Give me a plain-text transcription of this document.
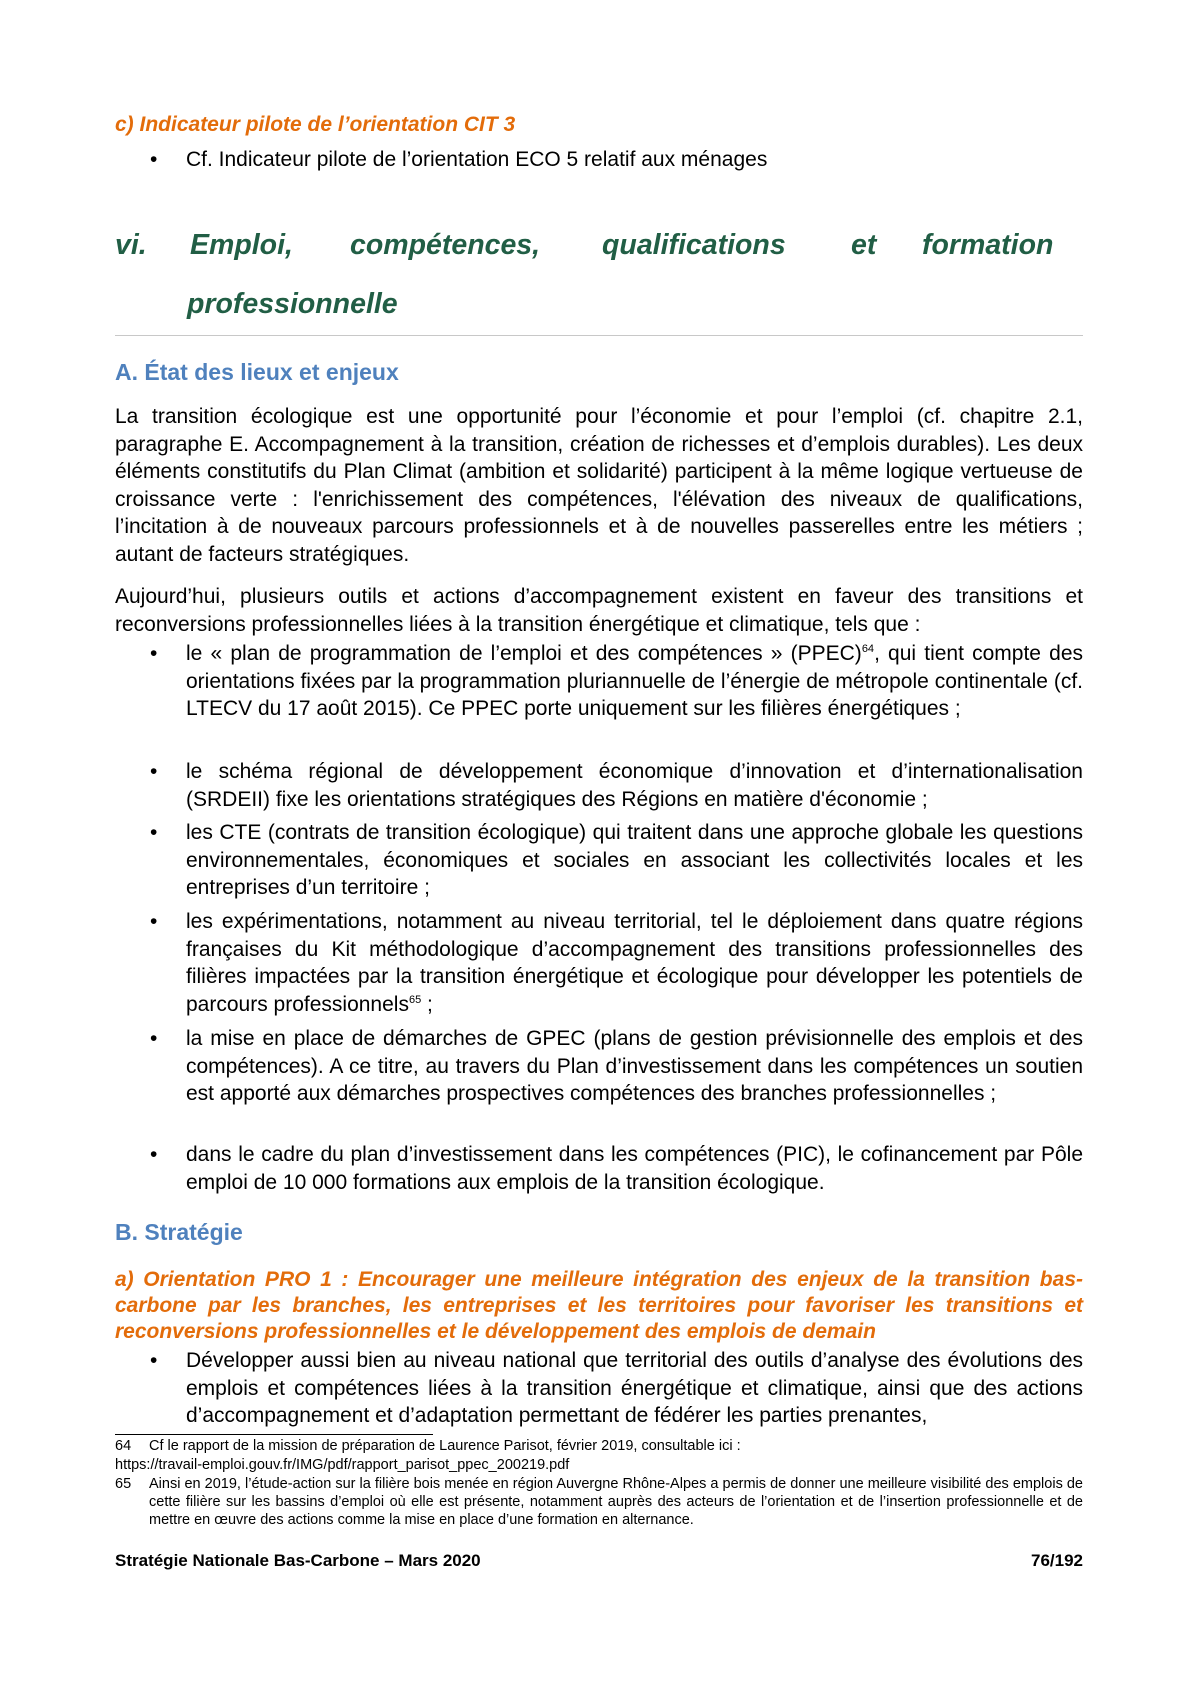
c) Indicateur pilote de l’orientation CIT 3
• Cf. Indicateur pilote de l’orientation ECO 5 relatif aux ménages
vi. Emploi, compétences, qualifications et formation
professionnelle
A. État des lieux et enjeux

La transition écologique est une opportunité pour l’économie et pour l’emploi (cf. chapitre 2.1, paragraphe E. Accompagnement à la transition, création de richesses et d’emplois durables). Les deux éléments constitutifs du Plan Climat (ambition et solidarité) participent à la même logique vertueuse de croissance verte : l'enrichissement des compétences, l'élévation des niveaux de qualifications, l’incitation à de nouveaux parcours professionnels et à de nouvelles passerelles entre les métiers ; autant de facteurs stratégiques.

Aujourd’hui, plusieurs outils et actions d’accompagnement existent en faveur des transitions et reconversions professionnelles liées à la transition énergétique et climatique, tels que :

• le « plan de programmation de l’emploi et des compétences » (PPEC)$^{64}$, qui tient compte des orientations fixées par la programmation pluriannuelle de l’énergie de métropole continentale (cf. LTECV du 17 août 2015). Ce PPEC porte uniquement sur les filières énergétiques ;
• le schéma régional de développement économique d’innovation et d’internationalisation (SRDEII) fixe les orientations stratégiques des Régions en matière d'économie ;
• les CTE (contrats de transition écologique) qui traitent dans une approche globale les questions environnementales, économiques et sociales en associant les collectivités locales et les entreprises d’un territoire ;
• les expérimentations, notamment au niveau territorial, tel le déploiement dans quatre régions françaises du Kit méthodologique d’accompagnement des transitions professionnelles des filières impactées par la transition énergétique et écologique pour développer les potentiels de parcours professionnels$^{65}$ ;
• la mise en place de démarches de GPEC (plans de gestion prévisionnelle des emplois et des compétences). A ce titre, au travers du Plan d’investissement dans les compétences un soutien est apporté aux démarches prospectives compétences des branches professionnelles ;
• dans le cadre du plan d’investissement dans les compétences (PIC), le cofinancement par Pôle emploi de 10 000 formations aux emplois de la transition écologique.
B. Stratégie
a) Orientation PRO 1 : Encourager une meilleure intégration des enjeux de la transition bas-carbone par les branches, les entreprises et les territoires pour favoriser les transitions et reconversions professionnelles et le développement des emplois de demain
• Développer aussi bien au niveau national que territorial des outils d’analyse des évolutions des emplois et compétences liées à la transition énergétique et climatique, ainsi que des actions d’accompagnement et d’adaptation permettant de fédérer les parties prenantes,
64 Cf le rapport de la mission de préparation de Laurence Parisot, février 2019, consultable ici :
https://travail-emploi.gouv.fr/IMG/pdf/rapport_parisot_ppec_200219.pdf
65 Ainsi en 2019, l’étude-action sur la filière bois menée en région Auvergne Rhône-Alpes a permis de donner une meilleure visibilité des emplois de cette filière sur les bassins d’emploi où elle est présente, notamment auprès des acteurs de l’orientation et de l’insertion professionnelle et de mettre en œuvre des actions comme la mise en place d’une formation en alternance.
Stratégie Nationale Bas-Carbone – Mars 2020	76/192
